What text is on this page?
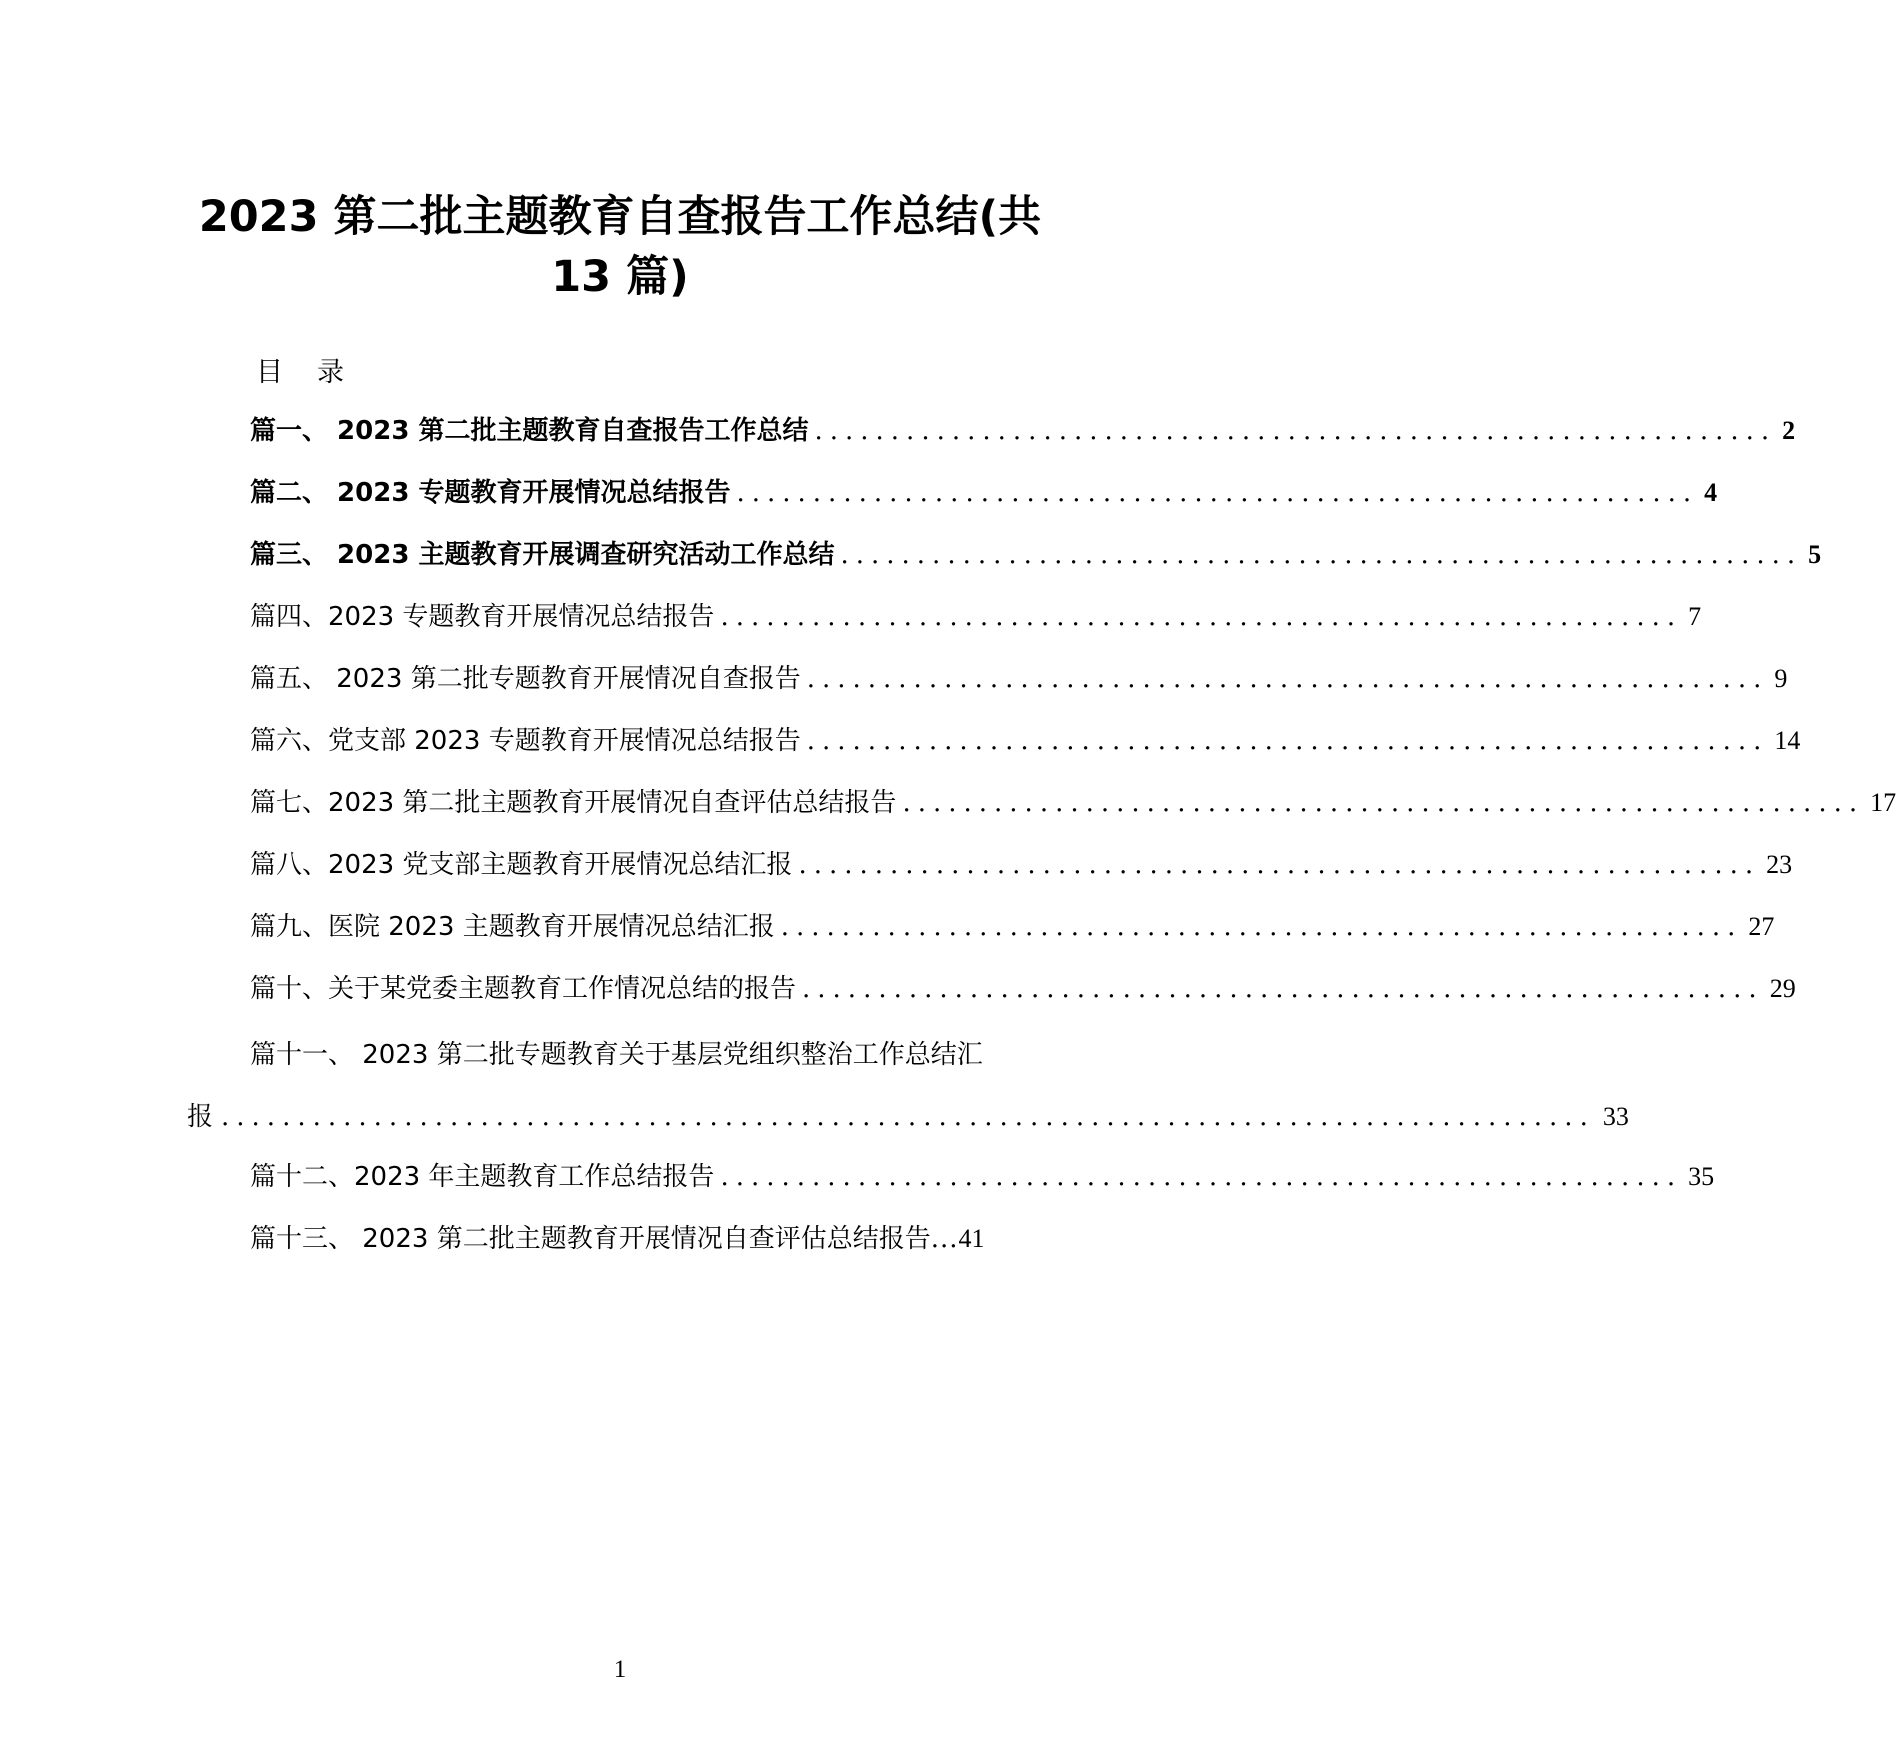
2023 第二批主题教育自查报告工作总结(共
13 篇)
目录
篇一、 2023 第二批主题教育自查报告工作总结 ............................................................... 2
篇二、 2023 专题教育开展情况总结报告 ............................................................... 4
篇三、 2023 主题教育开展调查研究活动工作总结 ............................................................... 5
篇四、2023 专题教育开展情况总结报告 ............................................................... 7
篇五、 2023 第二批专题教育开展情况自查报告 ............................................................... 9
篇六、党支部 2023 专题教育开展情况总结报告 ............................................................... 14
篇七、2023 第二批主题教育开展情况自查评估总结报告 ............................................................... 17
篇八、2023 党支部主题教育开展情况总结汇报 ............................................................... 23
篇九、医院 2023 主题教育开展情况总结汇报 ............................................................... 27
篇十、关于某党委主题教育工作情况总结的报告 ............................................................... 29
篇十一、 2023 第二批专题教育关于基层党组织整治工作总结汇
报 .......................................................................................... 33
篇十二、2023 年主题教育工作总结报告 ............................................................... 35
篇十三、 2023 第二批主题教育开展情况自查评估总结报告 ... 41
1
